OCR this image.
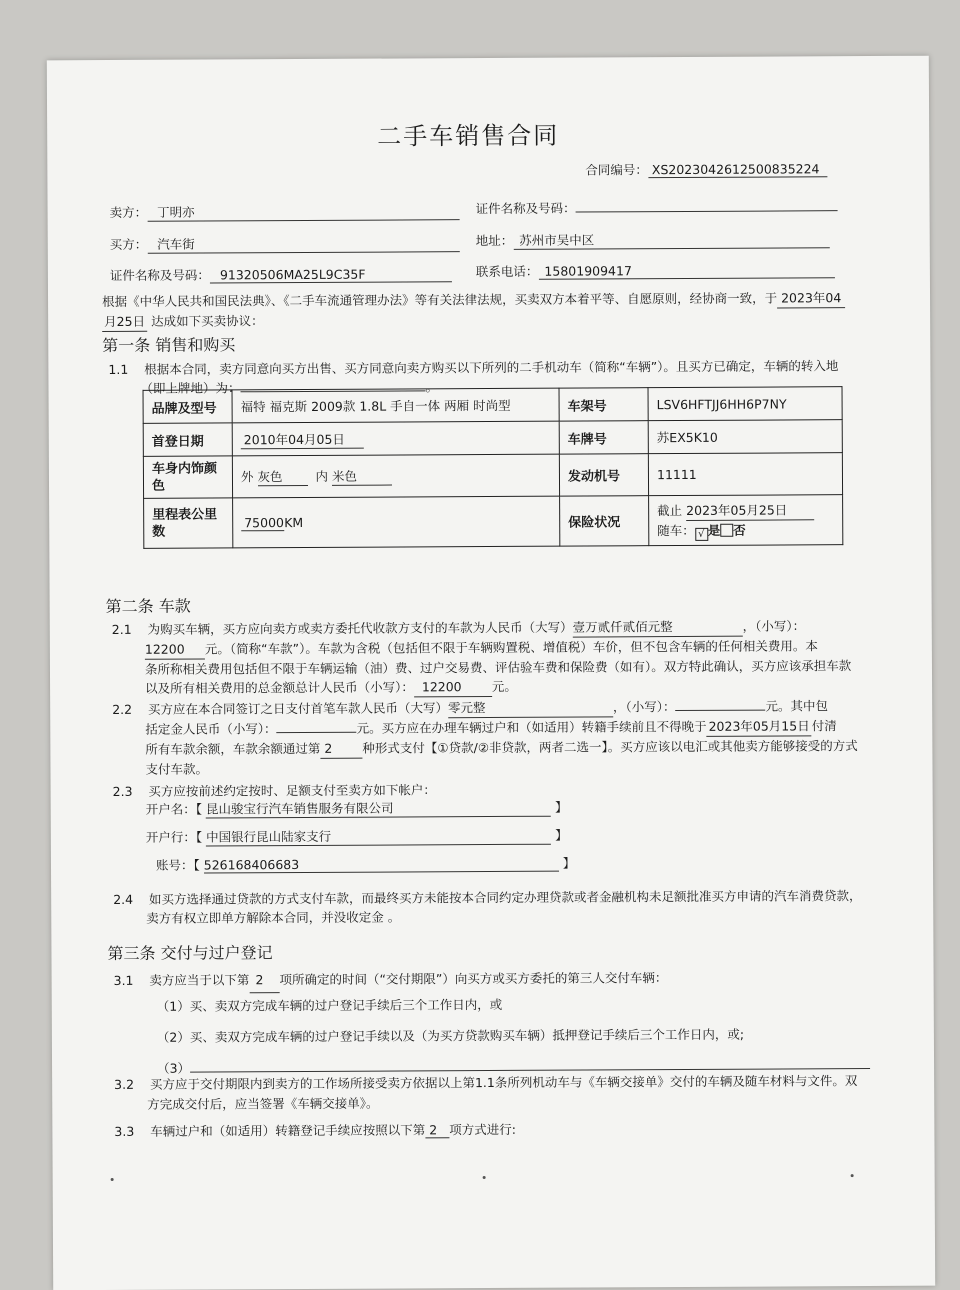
二手车销售合同
合同编号： XS2023042612500835224
卖方： 丁明亦	证件名称及号码：
买方： 汽车街	地址： 苏州市吴中区
证件名称及号码： 91320506MA25L9C35F	联系电话： 15801909417
根据《中华人民共和国民法典》、《二手车流通管理办法》等有关法律法规，买卖双方本着平等、自愿原则，经协商一致，于 2023年04月25日 达成如下买卖协议：
第一条 销售和购买
1.1 根据本合同，卖方同意向买方出售、买方同意向卖方购买以下所列的二手机动车（简称“车辆”）。且买方已确定，车辆的转入地
（即上牌地）为：	。
品牌及型号	福特 福克斯 2009款 1.8L 手自一体 两厢 时尚型	车架号	LSV6HFTJJ6HH6P7NY
首登日期	2010年04月05日	车牌号	苏EX5K10
车身内饰颜色	外 灰色 内 米色	发动机号	11111
里程表公里数	75000KM	保险状况	截止 2023年05月25日
随车： √ 是 否
第二条 车款
2.1 为购买车辆，买方应向卖方或卖方委托代收款方支付的车款为人民币（大写）壹万贰仟贰佰元整	，（小写）：
12200 元。（简称“车款”）。车款为含税（包括但不限于车辆购置税、增值税）车价，但不包含车辆的任何相关费用。本
条所称相关费用包括但不限于车辆运输（油）费、过户交易费、评估验车费和保险费（如有）。双方特此确认，买方应该承担车款
以及所有相关费用的总金额总计人民币（小写）： 12200 元。
2.2 买方应在本合同签订之日支付首笔车款人民币（大写）零元整	，（小写）：	元。其中包
括定金人民币（小写）：	元。买方应在办理车辆过户和（如适用）转籍手续前且不得晚于 2023年05月15日 付清
所有车款余额，车款余额通过第 2 种形式支付【①贷款/②非贷款，两者二选一】。买方应该以电汇或其他卖方能够接受的方式
支付车款。
2.3 买方应按前述约定按时、足额支付至卖方如下帐户：
开户名：【 昆山骏宝行汽车销售服务有限公司	】
开户行：【 中国银行昆山陆家支行	】
账号：【 526168406683	】
2.4 如买方选择通过贷款的方式支付车款，而最终买方未能按本合同约定办理贷款或者金融机构未足额批准买方申请的汽车消费贷款，
卖方有权立即单方解除本合同，并没收定金 。
第三条 交付与过户登记
3.1 卖方应当于以下第 2 项所确定的时间（“交付期限”）向买方或买方委托的第三人交付车辆：
（1）买、卖双方完成车辆的过户登记手续后三个工作日内，或
（2）买、卖双方完成车辆的过户登记手续以及（为买方贷款购买车辆）抵押登记手续后三个工作日内，或;
（3）
3.2 买方应于交付期限内到卖方的工作场所接受卖方依据以上第1.1条所列机动车与《车辆交接单》交付的车辆及随车材料与文件。双
方完成交付后，应当签署《车辆交接单》。
3.3 车辆过户和（如适用）转籍登记手续应按照以下第 2 项方式进行:
